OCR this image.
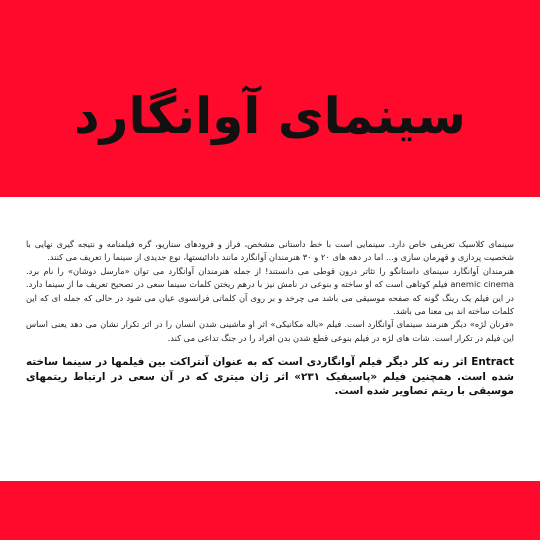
سینمای آوانگارد

سینمای کلاسیک تعریفی خاص دارد. سینمایی است با خط داستانی مشخص، فراز و فرودهای سناریو، گره فیلمنامه و نتیجه گیری نهایی با شخصیت پردازی و قهرمان سازی و... اما در دهه های ۲۰ و ۳۰ هنرمندان آوانگارد مانند دادائیستها، نوع جدیدی از سینما را تعریف می کنند.

هنرمندان آوانگارد سینمای داستانگو را تئاتر درون قوطی می دانستند! از جمله هنرمندان آوانگارد می توان «مارسل دوشان» را نام برد. anemic cinema فیلم کوتاهی است که او ساخته و بنوعی در نامش نیز با درهم ریختن کلمات سینما سعی در تصحیح تعریف ما از سینما دارد. در این فیلم یک رینگ گونه که صفحه موسیقی می باشد می چرخد و بر روی آن کلماتی فرانسوی عیان می شود در حالی که جمله ای که این کلمات ساخته اند بی معنا می باشد.

«فرنان لژه» دیگر هنرمند سینمای آوانگارد است. فیلم «باله مکانیکی» اثر او ماشینی شدن انسان را در اثر تکرار نشان می دهد یعنی اساس این فیلم در تکرار است. شات های لژه در فیلم بنوعی قطع شدن بدن افراد را در جنگ تداعی می کند.

Entract اثر رنه کلر دیگر فیلم آوانگاردی است که به عنوان آنتراکت بین فیلمها در سینما ساخته شده است. همچنین فیلم «پاسیفیک ۲۳۱» اثر ژان میتری که در آن سعی در ارتباط ریتمهای موسیقی با ریتم تصاویر شده است.
